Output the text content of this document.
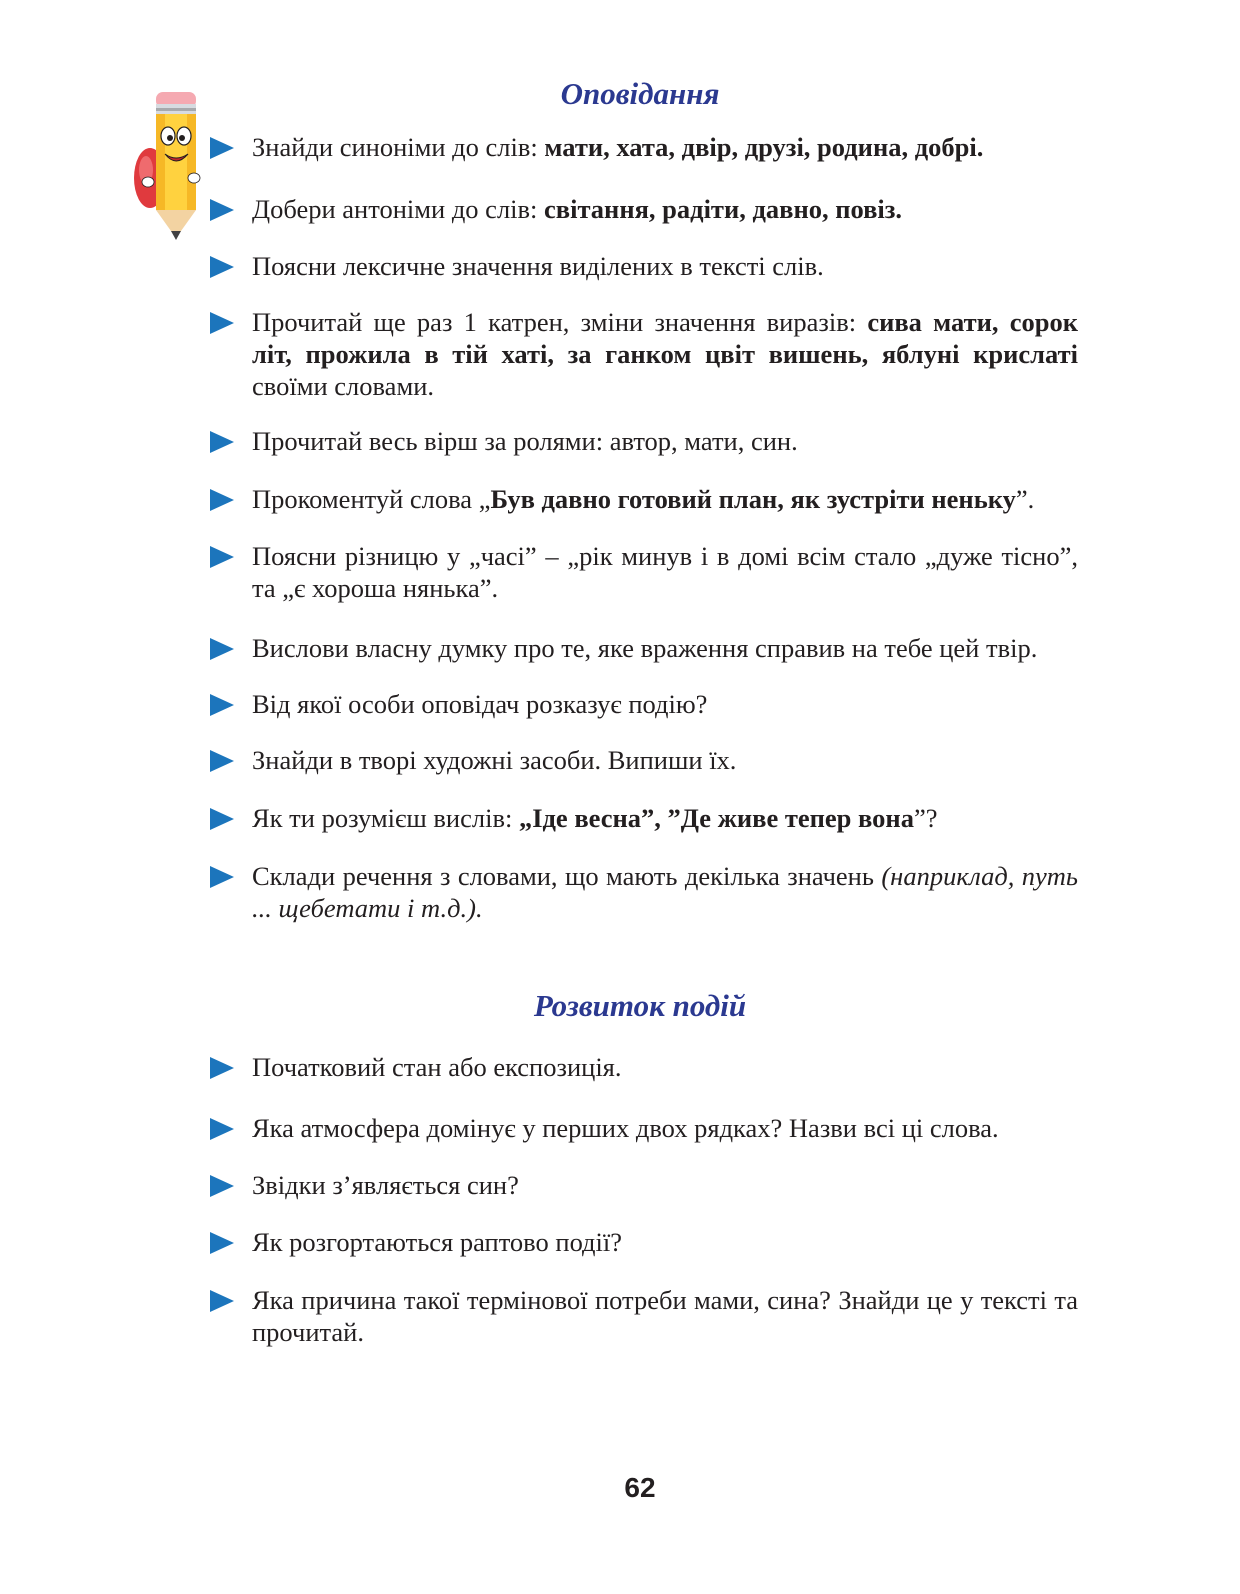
Оповідання
Розвиток подій
62

Знайди синоніми до слів: мати, хата, двір, друзі, родина, добрі.

Добери антоніми до слів: світання, радіти, давно, повіз.

Поясни лексичне значення виділених в тексті слів.

Прочитай ще раз 1 катрен, зміни значення виразів: сива мати, сорок літ, прожила в тій хаті, за ганком цвіт вишень, яблуні крислаті своїми словами.

Прочитай весь вірш за ролями: автор, мати, син.

Прокоментуй слова „Був давно готовий план, як зустріти неньку”.

Поясни різницю у „часі” – „рік минув і в домі всім стало „дуже тісно”, та „є хороша нянька”.

Вислови власну думку про те, яке враження справив на тебе цей твір.

Від якої особи оповідач розказує подію?

Знайди в творі художні засоби. Випиши їх.

Як ти розумієш вислів: „Іде весна”, ”Де живе тепер вона”?

Склади речення з словами, що мають декілька значень (наприклад, путь ... щебетати і т.д.).

Початковий стан або експозиція.

Яка атмосфера домінує у перших двох рядках? Назви всі ці слова.

Звідки з’являється син?

Як розгортаються раптово події?

Яка причина такої термінової потреби мами, сина? Знайди це у тексті та прочитай.
